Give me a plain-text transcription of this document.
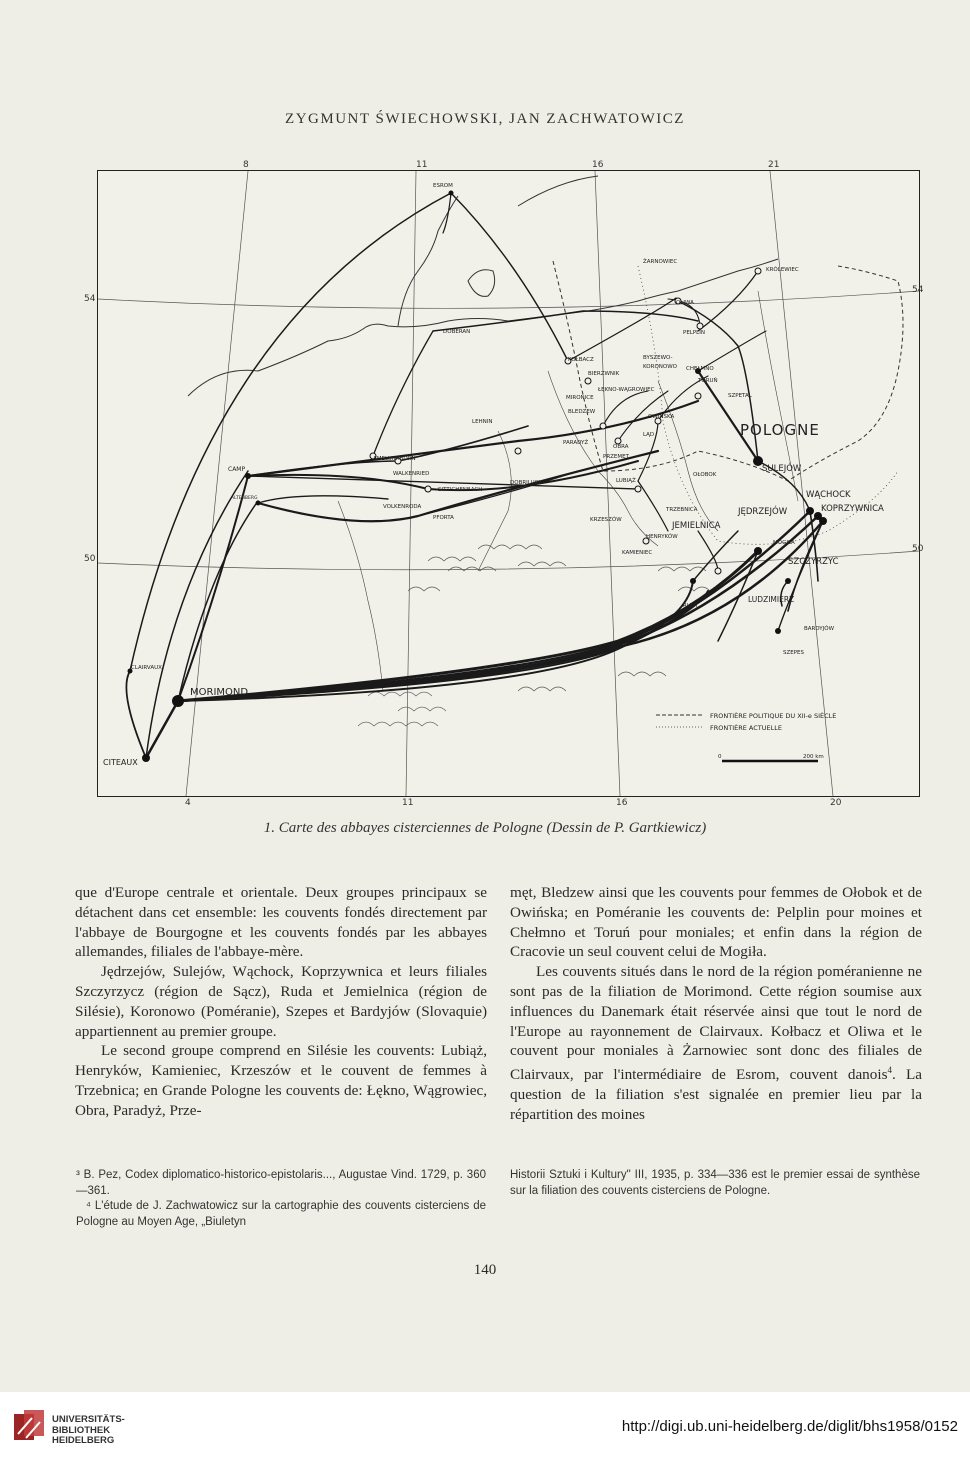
ZYGMUNT ŚWIECHOWSKI, JAN ZACHWATOWICZ
ESROM
ŻARNOWIEC
KRÓLEWIEC
OLIWA
PELPLIN
DOBERAN
KOŁBACZ
BIERZWNIK
MIRONICE
BYSZEWO-
KORONOWO CHEŁMNO
TORUŃ
ŁĘKNO-WĄGROWIEC
SZPETAL
BLEDZEW
OWIŃSKA
LEHNIN
LĄD
PARADYŻ
OBRA
PRZEMĘT
AMELUNXBORN
WALKENRIED
SITTICHENBACH
DOBRILUGK	LUBIĄŻ
OŁOBOK
CAMP
ALTENBERG
VOLKENRODA
PFORTA
TRZEBNICA
KRZESZÓW
HENRYKÓW
KAMIENIEC
MOGIŁA
RUDY
BARDYJÓW
SZEPES
CLAIRVAUX
SULEJÓW
JĘDRZEJÓW
WĄCHOCK
KOPRZYWNICA
JEMIELNICA
SZCZYRZYC
LUDZIMIERZ
MORIMOND
CITEAUX
POLOGNE
FRONTIÈRE POLITIQUE DU XII-e SIÈCLE
FRONTIÈRE ACTUELLE
0	200 km
8	11	16	21
4	11	16	20
54
50
54
50
1. Carte des abbayes cisterciennes de Pologne (Dessin de P. Gartkiewicz)

que d'Europe centrale et orientale. Deux groupes principaux se détachent dans cet ensemble: les couvents fondés directement par l'abbaye de Bourgogne et les couvents fondés par les abbayes allemandes, filiales de l'abbaye-mère.

Jędrzejów, Sulejów, Wąchock, Koprzywnica et leurs filiales Szczyrzycz (région de Sącz), Ruda et Jemielnica (région de Silésie), Koronowo (Poméranie), Szepes et Bardyjów (Slovaquie) appartiennent au premier groupe.

Le second groupe comprend en Silésie les couvents: Lubiąż, Henryków, Kamieniec, Krzeszów et le couvent de femmes à Trzebnica; en Grande Pologne les couvents de: Łękno, Wągrowiec, Obra, Paradyż, Prze-

męt, Bledzew ainsi que les couvents pour femmes de Ołobok et de Owińska; en Poméranie les couvents de: Pelplin pour moines et Chełmno et Toruń pour moniales; et enfin dans la région de Cracovie un seul couvent celui de Mogiła.

Les couvents situés dans le nord de la région poméranienne ne sont pas de la filiation de Morimond. Cette région soumise aux influences du Danemark était réservée ainsi que tout le nord de l'Europe au rayonnement de Clairvaux. Kołbacz et Oliwa et le couvent pour moniales à Żarnowiec sont donc des filiales de Clairvaux, par l'intermédiaire de Esrom, couvent danois$^4$. La question de la filiation s'est signalée en premier lieu par la répartition des moines

³ B. Pez, Codex diplomatico-historico-epistolaris..., Augustae Vind. 1729, p. 360—361.

⁴ L'étude de J. Zachwatowicz sur la cartographie des couvents cisterciens de Pologne au Moyen Age, „Biuletyn

Historii Sztuki i Kultury" III, 1935, p. 334—336 est le premier essai de synthèse sur la filiation des couvents cisterciens de Pologne.

140
UNIVERSITÄTS-
BIBLIOTHEK
HEIDELBERG
http://digi.ub.uni-heidelberg.de/diglit/bhs1958/0152
